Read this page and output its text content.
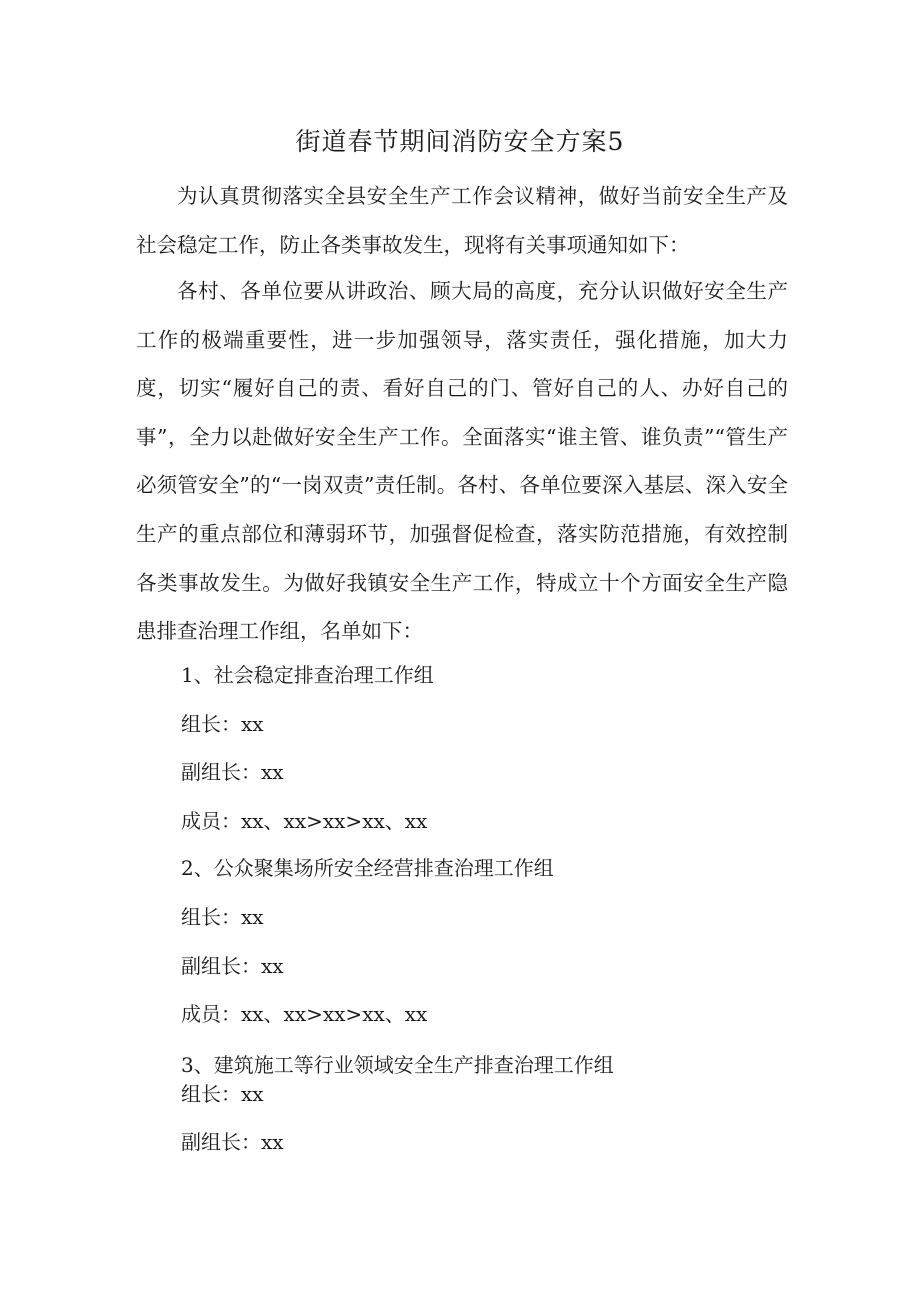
街道春节期间消防安全方案5

为认真贯彻落实全县安全生产工作会议精神，做好当前安全生产及社会稳定工作，防止各类事故发生，现将有关事项通知如下：

各村、各单位要从讲政治、顾大局的高度，充分认识做好安全生产工作的极端重要性，进一步加强领导，落实责任，强化措施，加大力度，切实“履好自己的责、看好自己的门、管好自己的人、办好自己的事”，全力以赴做好安全生产工作。全面落实“谁主管、谁负责”“管生产必须管安全”的“一岗双责”责任制。各村、各单位要深入基层、深入安全生产的重点部位和薄弱环节，加强督促检查，落实防范措施，有效控制各类事故发生。为做好我镇安全生产工作，特成立十个方面安全生产隐患排查治理工作组，名单如下：

1、社会稳定排查治理工作组

组长：xx

副组长：xx

成员：xx、xx>xx>xx、xx

2、公众聚集场所安全经营排查治理工作组

组长：xx

副组长：xx

成员：xx、xx>xx>xx、xx

3、建筑施工等行业领域安全生产排查治理工作组

组长：xx

副组长：xx
